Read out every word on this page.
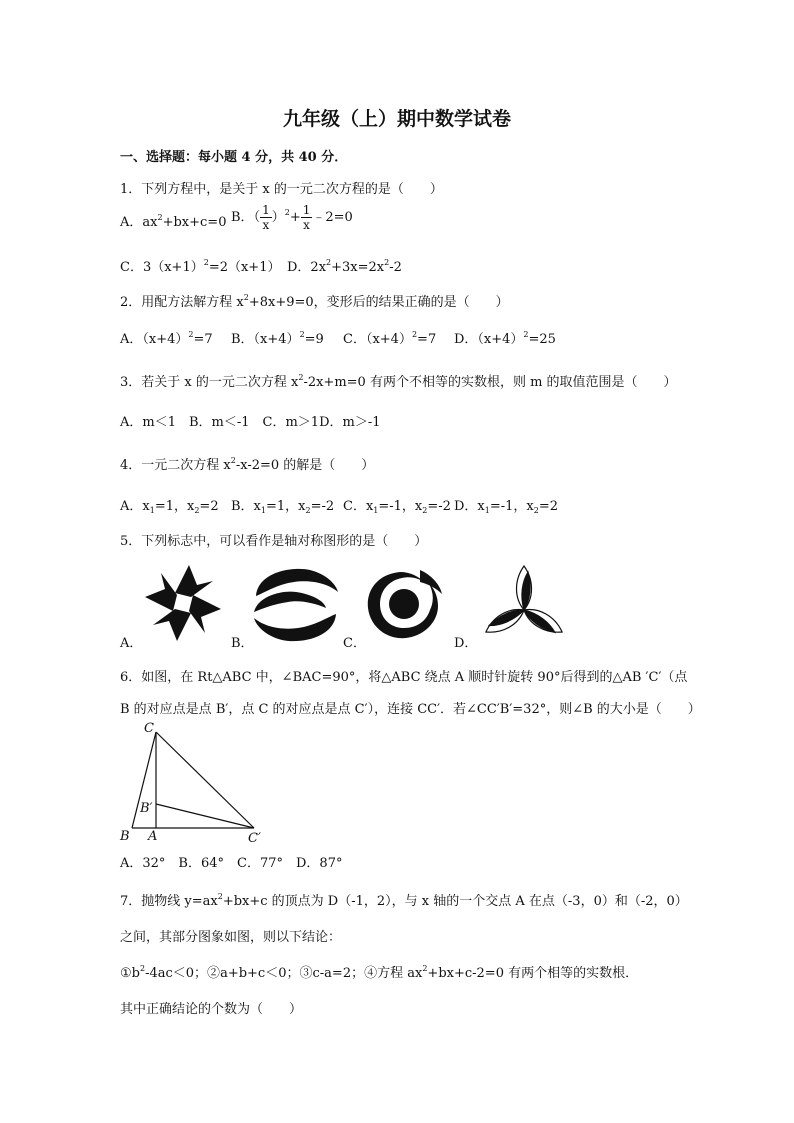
九年级（上）期中数学试卷
一、选择题：每小题 4 分，共 40 分．
1．下列方程中，是关于 x 的一元二次方程的是（　　）
A．$ax^2+bx+c=0$ B．（ $\frac{1}{x} )^2+ \frac{1}{x}$ ﹣2=0
C．$3(x+1)^2=2(x+1)$ D．$2x^2+3x=2x^2-2$
2．用配方法解方程 $x^2+8x+9=0$，变形后的结果正确的是（　　）
A．$(x+4)^2=7$ B．$(x+4)^2=9$ C．$(x+4)^2=7$ D．$(x+4)^2=25$
3．若关于 x 的一元二次方程 $x^2-2x+m=0$ 有两个不相等的实数根，则 m 的取值范围是（　　）
A．m＜1　B．m＜-1　C．m＞1D．m＞-1
4．一元二次方程 $x^2-x-2=0$ 的解是（　　）
A．$x_1=1$，$x_2=2$ B．$x_1=1$，$x_2=-2$ C．$x_1=-1$，$x_2=-2$ D．$x_1=-1$，$x_2=2$
5．下列标志中，可以看作是轴对称图形的是（　　）
A．	B．	C．	D．
6．如图，在 Rt△ABC 中，∠BAC=90°，将△ABC 绕点 A 顺时针旋转 90°后得到的△AB ′C′（点
B 的对应点是点 B′，点 C 的对应点是点 C′），连接 CC′．若∠CC′B′=32°，则∠B 的大小是（　　）
C
B′
B A	C′
A．32°　B．64°　C．77°　D．87°
7．抛物线 $y=ax^2+bx+c$ 的顶点为 D（-1，2），与 x 轴的一个交点 A 在点（-3，0）和（-2，0）
之间，其部分图象如图，则以下结论：
$①b^2-4ac<0$；②a+b+c＜0；③c-a=2；④方程 $ax^2+bx+c-2=0$ 有两个相等的实数根．
其中正确结论的个数为（　　）
